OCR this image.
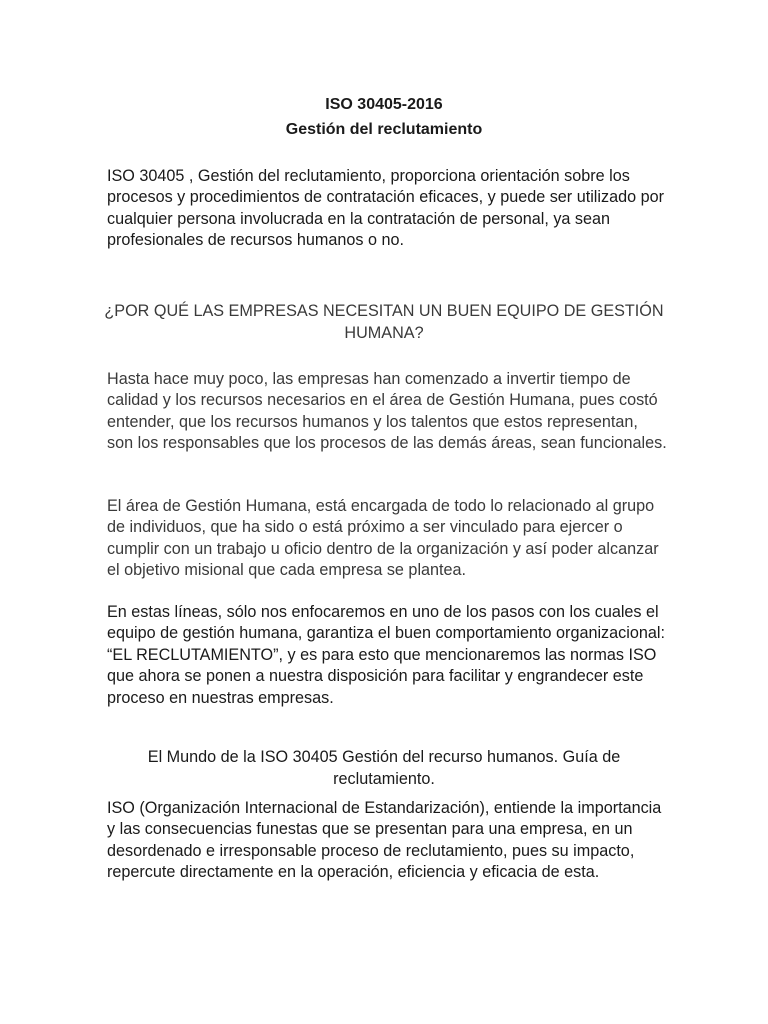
ISO 30405-2016
Gestión del reclutamiento

ISO 30405 , Gestión del reclutamiento, proporciona orientación sobre los procesos y procedimientos de contratación eficaces, y puede ser utilizado por cualquier persona involucrada en la contratación de personal, ya sean profesionales de recursos humanos o no.

¿POR QUÉ LAS EMPRESAS NECESITAN UN BUEN EQUIPO DE GESTIÓN HUMANA?

Hasta hace muy poco, las empresas han comenzado a invertir tiempo de calidad y los recursos necesarios en el área de Gestión Humana, pues costó entender, que los recursos humanos y los talentos que estos representan, son los responsables que los procesos de las demás áreas, sean funcionales.

El área de Gestión Humana, está encargada de todo lo relacionado al grupo de individuos, que ha sido o está próximo a ser vinculado para ejercer o cumplir con un trabajo u oficio dentro de la organización y así poder alcanzar el objetivo misional que cada empresa se plantea.

En estas líneas, sólo nos enfocaremos en uno de los pasos con los cuales el equipo de gestión humana, garantiza el buen comportamiento organizacional: “EL RECLUTAMIENTO”, y es para esto que mencionaremos las normas ISO que ahora se ponen a nuestra disposición para facilitar y engrandecer este proceso en nuestras empresas.

El Mundo de la ISO 30405 Gestión del recurso humanos. Guía de reclutamiento.

ISO (Organización Internacional de Estandarización), entiende la importancia y las consecuencias funestas que se presentan para una empresa, en un desordenado e irresponsable proceso de reclutamiento, pues su impacto, repercute directamente en la operación, eficiencia y eficacia de esta.
